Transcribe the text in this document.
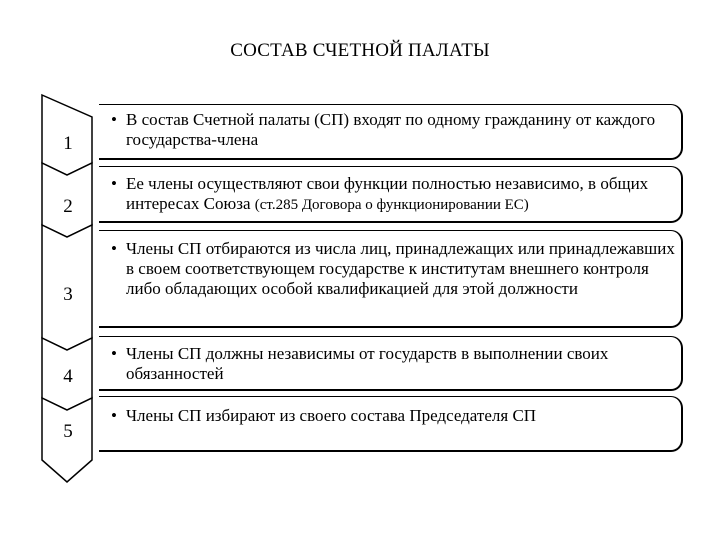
СОСТАВ СЧЕТНОЙ ПАЛАТЫ
1
2
3
4
5
• В состав Счетной палаты (СП) входят по одному гражданину от каждого государства-члена
• Ее члены осуществляют свои функции полностью независимо, в общих интересах Союза (ст.285 Договора о функционировании ЕС)
• Члены СП отбираются из числа лиц, принадлежащих или принадлежавших в своем соответствующем государстве к институтам внешнего контроля либо обладающих особой квалификацией для этой должности
• Члены СП должны независимы от государств в выполнении своих обязанностей
• Члены СП избирают из своего состава Председателя СП
